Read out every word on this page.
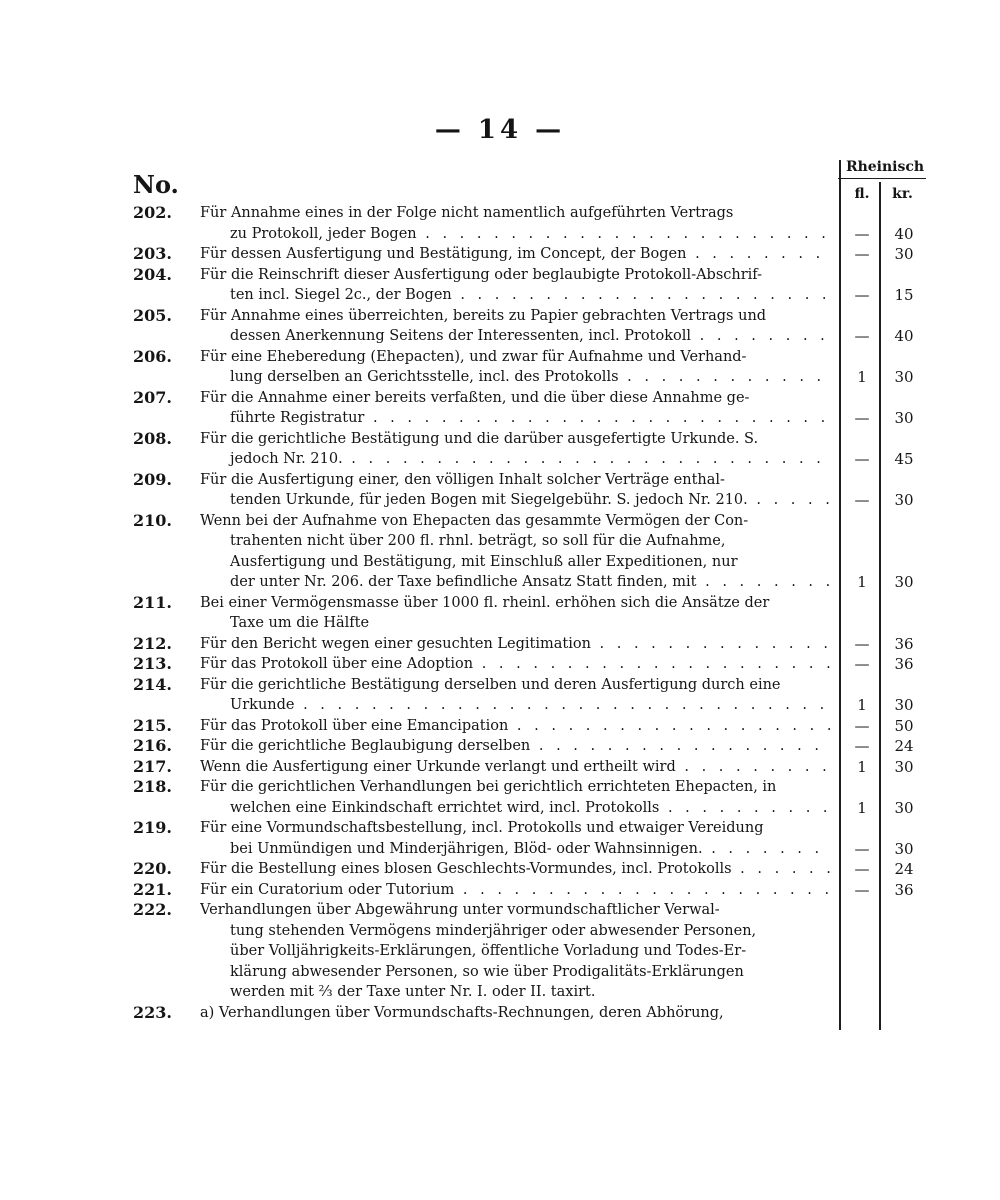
— 14 —
No.
Rheinisch
fl.	kr.
202.	Für Annahme eines in der Folge nicht namentlich aufgeführten Vertrags
zu Protokoll, jeder Bogen . . .	—	40
203.	Für dessen Ausfertigung und Bestätigung, im Concept, der Bogen . . .	—	30
204.	Für die Reinschrift dieser Ausfertigung oder beglaubigte Protokoll-Abschrif-
ten incl. Siegel 2c., der Bogen . . .	—	15
205.	Für Annahme eines überreichten, bereits zu Papier gebrachten Vertrags und
dessen Anerkennung Seitens der Interessenten, incl. Protokoll . . .	—	40
206.	Für eine Eheberedung (Ehepacten), und zwar für Aufnahme und Verhand-
lung derselben an Gerichtsstelle, incl. des Protokolls . . .	1	30
207.	Für die Annahme einer bereits verfaßten, und die über diese Annahme ge-
führte Registratur . . .	—	30
208.	Für die gerichtliche Bestätigung und die darüber ausgefertigte Urkunde. S.
jedoch Nr. 210. . . .	—	45
209.	Für die Ausfertigung einer, den völligen Inhalt solcher Verträge enthal-
tenden Urkunde, für jeden Bogen mit Siegelgebühr. S. jedoch Nr. 210. . . .	—	30
210.	Wenn bei der Aufnahme von Ehepacten das gesammte Vermögen der Con-
trahenten nicht über 200 fl. rhnl. beträgt, so soll für die Aufnahme,
Ausfertigung und Bestätigung, mit Einschluß aller Expeditionen, nur
der unter Nr. 206. der Taxe befindliche Ansatz Statt finden, mit . . .	1	30
211.	Bei einer Vermögensmasse über 1000 fl. rheinl. erhöhen sich die Ansätze der
Taxe um die Hälfte
212.	Für den Bericht wegen einer gesuchten Legitimation . . .	—	36
213.	Für das Protokoll über eine Adoption . . .	—	36
214.	Für die gerichtliche Bestätigung derselben und deren Ausfertigung durch eine
Urkunde . . .	1	30
215.	Für das Protokoll über eine Emancipation . . .	—	50
216.	Für die gerichtliche Beglaubigung derselben . . .	—	24
217.	Wenn die Ausfertigung einer Urkunde verlangt und ertheilt wird . . .	1	30
218.	Für die gerichtlichen Verhandlungen bei gerichtlich errichteten Ehepacten, in
welchen eine Einkindschaft errichtet wird, incl. Protokolls . . .	1	30
219.	Für eine Vormundschaftsbestellung, incl. Protokolls und etwaiger Vereidung
bei Unmündigen und Minderjährigen, Blöd- oder Wahnsinnigen. . . .	—	30
220.	Für die Bestellung eines blosen Geschlechts-Vormundes, incl. Protokolls . . .	—	24
221.	Für ein Curatorium oder Tutorium . . .	—	36
222.	Verhandlungen über Abgewährung unter vormundschaftlicher Verwal-
tung stehenden Vermögens minderjähriger oder abwesender Personen,
über Volljährigkeits-Erklärungen, öffentliche Vorladung und Todes-Er-
klärung abwesender Personen, so wie über Prodigalitäts-Erklärungen
werden mit ⅔ der Taxe unter Nr. I. oder II. taxirt.
223.	a) Verhandlungen über Vormundschafts-Rechnungen, deren Abhörung,
